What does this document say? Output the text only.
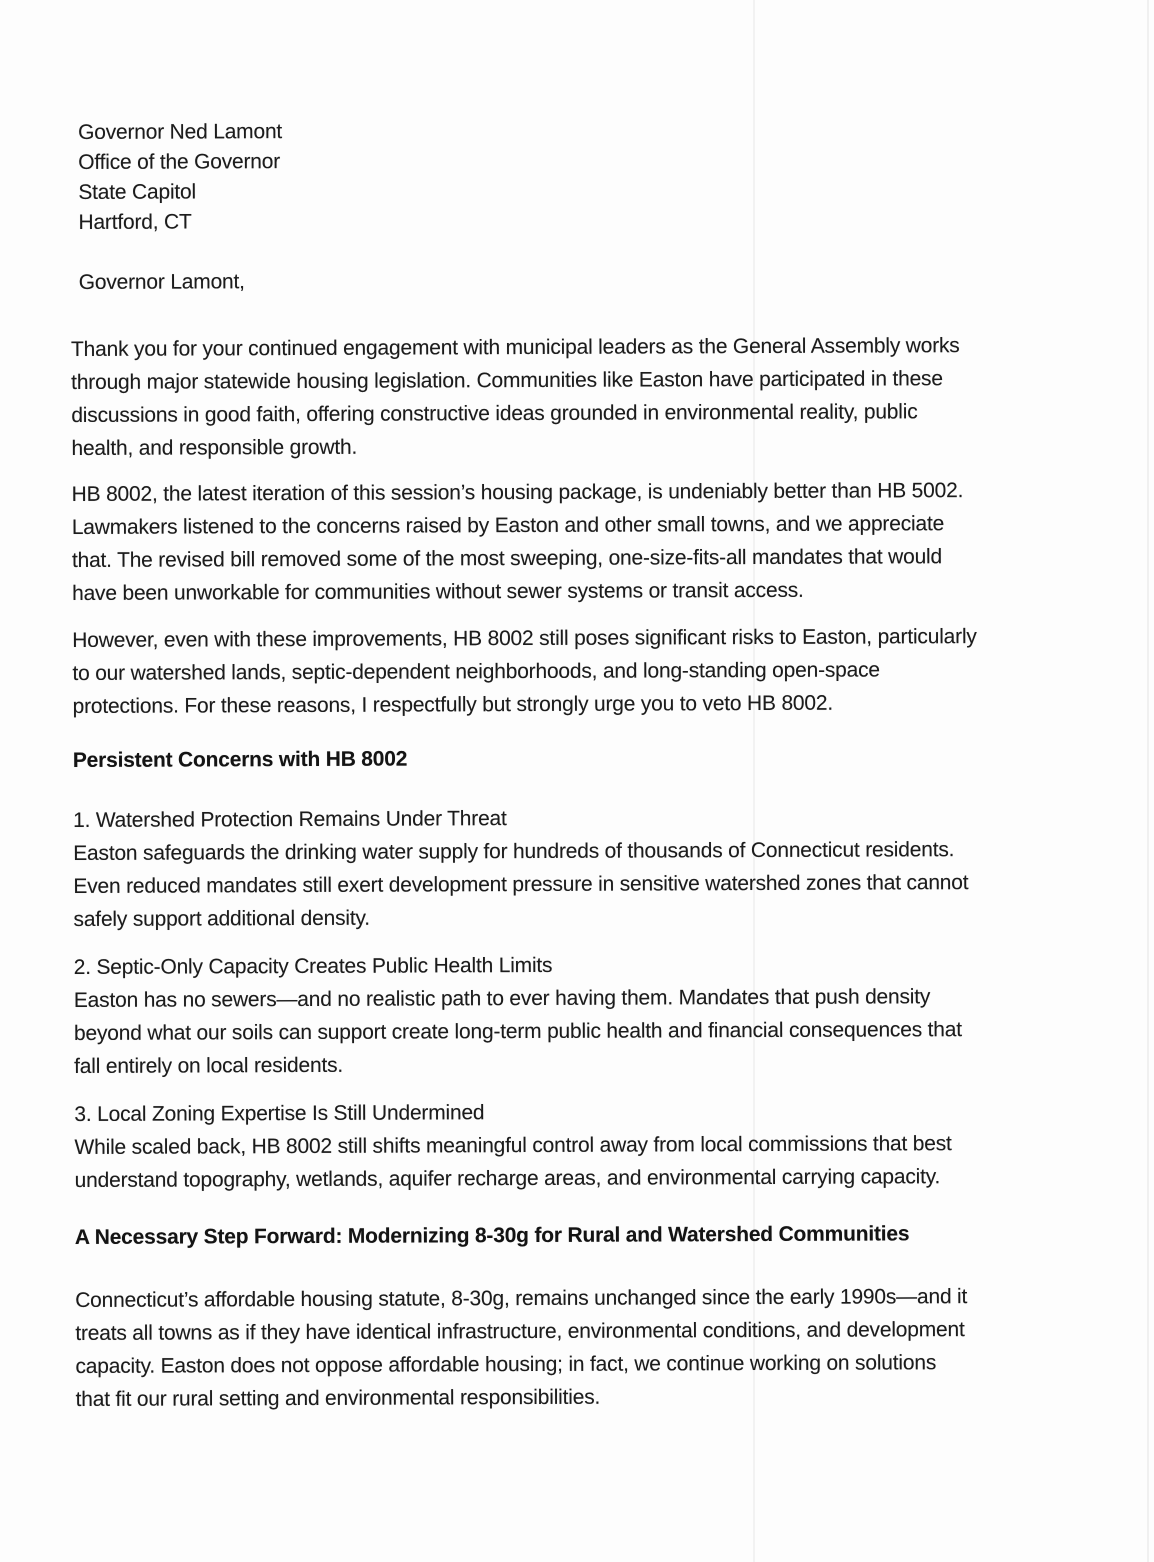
Governor Ned Lamont
Office of the Governor
State Capitol
Hartford, CT
Governor Lamont,

Thank you for your continued engagement with municipal leaders as the General Assembly works
through major statewide housing legislation. Communities like Easton have participated in these
discussions in good faith, offering constructive ideas grounded in environmental reality, public
health, and responsible growth.

HB 8002, the latest iteration of this session’s housing package, is undeniably better than HB 5002.
Lawmakers listened to the concerns raised by Easton and other small towns, and we appreciate
that. The revised bill removed some of the most sweeping, one-size-fits-all mandates that would
have been unworkable for communities without sewer systems or transit access.

However, even with these improvements, HB 8002 still poses significant risks to Easton, particularly
to our watershed lands, septic-dependent neighborhoods, and long-standing open-space
protections. For these reasons, I respectfully but strongly urge you to veto HB 8002.

Persistent Concerns with HB 8002
1. Watershed Protection Remains Under Threat
Easton safeguards the drinking water supply for hundreds of thousands of Connecticut residents.
Even reduced mandates still exert development pressure in sensitive watershed zones that cannot
safely support additional density.
2. Septic-Only Capacity Creates Public Health Limits
Easton has no sewers—and no realistic path to ever having them. Mandates that push density
beyond what our soils can support create long-term public health and financial consequences that
fall entirely on local residents.
3. Local Zoning Expertise Is Still Undermined
While scaled back, HB 8002 still shifts meaningful control away from local commissions that best
understand topography, wetlands, aquifer recharge areas, and environmental carrying capacity.
A Necessary Step Forward: Modernizing 8-30g for Rural and Watershed Communities

Connecticut’s affordable housing statute, 8-30g, remains unchanged since the early 1990s—and it
treats all towns as if they have identical infrastructure, environmental conditions, and development
capacity. Easton does not oppose affordable housing; in fact, we continue working on solutions
that fit our rural setting and environmental responsibilities.
